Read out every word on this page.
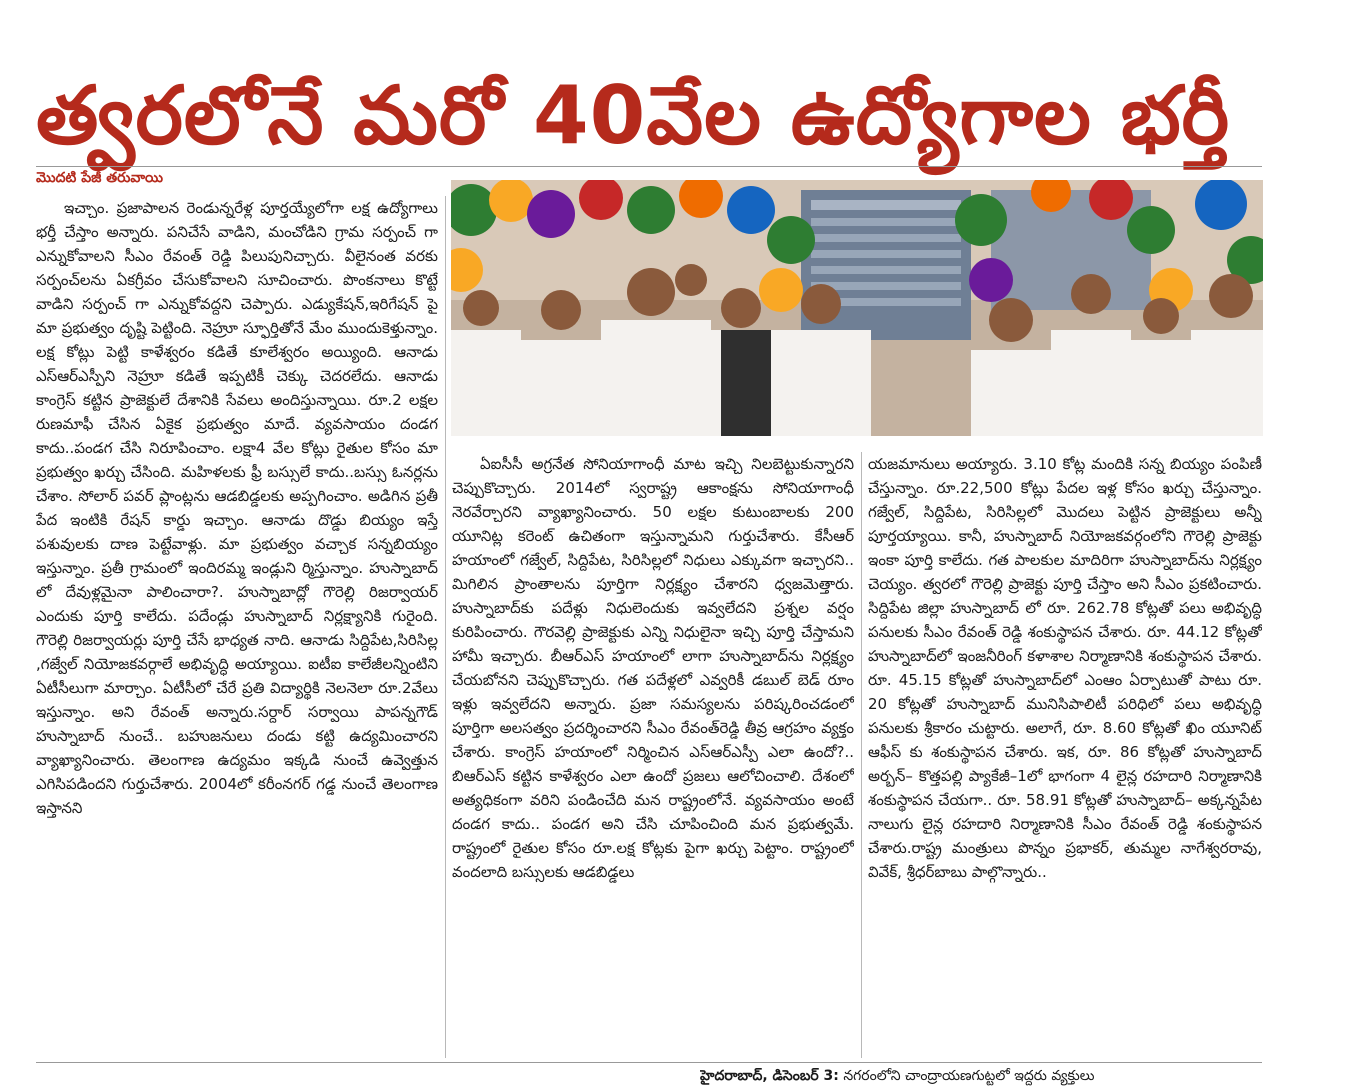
త్వరలోనే మరో 40వేల ఉద్యోగాల భర్తీ
మొదటి పేజీ తరువాయి

ఇచ్చాం. ప్రజాపాలన రెండున్నరేళ్ల పూర్తయ్యేలోగా లక్ష ఉద్యోగాలు భర్తీ చేస్తాం అన్నారు. పనిచేసే వాడిని, మంచోడిని గ్రామ సర్పంచ్ గా ఎన్నుకోవాలని సీఎం రేవంత్ రెడ్డి పిలుపునిచ్చారు. వీలైనంత వరకు సర్పంచ్‌లను ఏకగ్రీవం చేసుకోవాలని సూచించారు. పొంకనాలు కొట్టే వాడిని సర్పంచ్ గా ఎన్నుకోవద్దని చెప్పారు. ఎడ్యుకేషన్,ఇరిగేషన్ పై మా ప్రభుత్వం దృష్టి పెట్టింది. నెహ్రూ స్ఫూర్తితోనే మేం ముందుకెళ్తున్నాం. లక్ష కోట్లు పెట్టి కాళేశ్వరం కడితే కూలేశ్వరం అయ్యింది. ఆనాడు ఎస్ఆర్ఎస్పీని నెహ్రూ కడితే ఇప్పటికీ చెక్కు చెదరలేదు. ఆనాడు కాంగ్రెస్ కట్టిన ప్రాజెక్టులే దేశానికి సేవలు అందిస్తున్నాయి. రూ.2 లక్షల రుణమాఫీ చేసిన ఏకైక ప్రభుత్వం మాదే. వ్యవసాయం దండగ కాదు..పండగ చేసి నిరూపించాం. లక్షా4 వేల కోట్లు రైతుల కోసం మా ప్రభుత్వం ఖర్చు చేసింది. మహిళలకు ఫ్రీ బస్సులే కాదు..బస్సు ఓనర్లను చేశాం. సోలార్ పవర్ ప్లాంట్లను ఆడబిడ్డలకు అప్పగించాం. అడిగిన ప్రతీ పేద ఇంటికి రేషన్ కార్డు ఇచ్చాం. ఆనాడు దొడ్డు బియ్యం ఇస్తే పశువులకు దాణ పెట్టేవాళ్లు. మా ప్రభుత్వం వచ్చాక సన్నబియ్యం ఇస్తున్నాం. ప్రతీ గ్రామంలో ఇందిరమ్మ ఇండ్లుని ర్మిస్తున్నాం. హుస్నాబాద్ లో దేవుళ్లమైనా పాలించారా?. హుస్నాబాద్లో గౌరెల్లి రిజర్వాయర్ ఎందుకు పూర్తి కాలేదు. పదేండ్లు హుస్నాబాద్ నిర్లక్ష్యానికి గురైంది. గౌరెల్లి రిజర్వాయర్లు పూర్తి చేసే భాధ్యత నాది. ఆనాడు సిద్దిపేట,సిరిసిల్ల ,గజ్వేల్ నియోజకవర్గాలే అభివృద్ధి అయ్యాయి. ఐటీఐ కాలేజీలన్నింటిని ఏటీసీలుగా మార్చాం. ఏటీసీలో చేరే ప్రతి విద్యార్థికి నెలనెలా రూ.2వేలు ఇస్తున్నాం. అని రేవంత్ అన్నారు.సర్దార్ సర్వాయి పాపన్నగౌడ్ హుస్నాబాద్ నుంచే.. బహుజనులు దండు కట్టి ఉద్యమించారని వ్యాఖ్యానించారు. తెలంగాణ ఉద్యమం ఇక్కడి నుంచే ఉవ్వెత్తున ఎగిసిపడిందని గుర్తుచేశారు. 2004లో కరీంనగర్ గడ్డ నుంచే తెలంగాణ ఇస్తానని

ఏఐసీసీ అగ్రనేత సోనియాగాంధీ మాట ఇచ్చి నిలబెట్టుకున్నారని చెప్పుకొచ్చారు. 2014లో స్వరాష్ట్ర ఆకాంక్షను సోనియాగాంధీ నెరవేర్చారని వ్యాఖ్యానించారు. 50 లక్షల కుటుంబాలకు 200 యూనిట్ల కరెంట్ ఉచితంగా ఇస్తున్నామని గుర్తుచేశారు. కేసీఆర్ హయాంలో గజ్వేల్, సిద్దిపేట, సిరిసిల్లలో నిధులు ఎక్కువగా ఇచ్చారని.. మిగిలిన ప్రాంతాలను పూర్తిగా నిర్లక్ష్యం చేశారని ధ్వజమెత్తారు. హుస్నాబాద్‌కు పదేళ్లు నిధులెందుకు ఇవ్వలేదని ప్రశ్నల వర్షం కురిపించారు. గౌరవెల్లి ప్రాజెక్టుకు ఎన్ని నిధులైనా ఇచ్చి పూర్తి చేస్తామని హామీ ఇచ్చారు. బీఆర్ఎస్ హయాంలో లాగా హుస్నాబాద్‌ను నిర్లక్ష్యం చేయబోనని చెప్పుకొచ్చారు. గత పదేళ్లలో ఎవ్వరికీ డబుల్ బెడ్ రూం ఇళ్లు ఇవ్వలేదని అన్నారు. ప్రజా సమస్యలను పరిష్కరించడంలో పూర్తిగా అలసత్వం ప్రదర్శించారని సీఎం రేవంత్‌రెడ్డి తీవ్ర ఆగ్రహం వ్యక్తం చేశారు. కాంగ్రెస్ హయాంలో నిర్మించిన ఎస్ఆర్ఎస్పీ ఎలా ఉందో?.. బిఆర్ఎస్ కట్టిన కాళేశ్వరం ఎలా ఉందో ప్రజలు ఆలోచించాలి. దేశంలో అత్యధికంగా వరిని పండించేది మన రాష్ట్రంలోనే. వ్యవసాయం అంటే దండగ కాదు.. పండగ అని చేసి చూపించింది మన ప్రభుత్వమే. రాష్ట్రంలో రైతుల కోసం రూ.లక్ష కోట్లకు పైగా ఖర్చు పెట్టాం. రాష్ట్రంలో వందలాది బస్సులకు ఆడబిడ్డలు

యజమానులు అయ్యారు. 3.10 కోట్ల మందికి సన్న బియ్యం పంపిణీ చేస్తున్నాం. రూ.22,500 కోట్లు పేదల ఇళ్ల కోసం ఖర్చు చేస్తున్నాం. గజ్వేల్, సిద్దిపేట, సిరిసిల్లలో మొదలు పెట్టిన ప్రాజెక్టులు అన్నీ పూర్తయ్యాయి. కానీ, హుస్నాబాద్ నియోజకవర్గంలోని గౌరెల్లి ప్రాజెక్టు ఇంకా పూర్తి కాలేదు. గత పాలకుల మాదిరిగా హుస్నాబాద్‌ను నిర్లక్ష్యం చెయ్యం. త్వరలో గౌరెల్లి ప్రాజెక్టు పూర్తి చేస్తాం అని సీఎం ప్రకటించారు. సిద్దిపేట జిల్లా హుస్నాబాద్ లో రూ. 262.78 కోట్లతో పలు అభివృద్ధి పనులకు సీఎం రేవంత్ రెడ్డి శంకుస్థాపన చేశారు. రూ. 44.12 కోట్లతో హుస్నాబాద్‌లో ఇంజనీరింగ్ కళాశాల నిర్మాణానికి శంకుస్థాపన చేశారు. రూ. 45.15 కోట్లతో హుస్నాబాద్‌లో ఎంఆం ఏర్పాటుతో పాటు రూ. 20 కోట్లతో హుస్నాబాద్ మునిసిపాలిటీ పరిధిలో పలు అభివృద్ధి పనులకు శ్రీకారం చుట్టారు. అలాగే, రూ. 8.60 కోట్లతో ఖిం యూనిట్ ఆఫీస్ కు శంకుస్థాపన చేశారు. ఇక, రూ. 86 కోట్లతో హుస్నాబాద్ అర్బన్– కొత్తపల్లి ప్యాకేజీ–1లో భాగంగా 4 లైన్ల రహదారి నిర్మాణానికి శంకుస్థాపన చేయగా.. రూ. 58.91 కోట్లతో హుస్నాబాద్– అక్కన్నపేట నాలుగు లైన్ల రహదారి నిర్మాణానికి సీఎం రేవంత్ రెడ్డి శంకుస్థాపన చేశారు.రాష్ట్ర మంత్రులు పొన్నం ప్రభాకర్, తుమ్మల నాగేశ్వరరావు, వివేక్, శ్రీధర్‌బాబు పాల్గొన్నారు..

హైదరాబాద్, డిసెంబర్ 3: నగరంలోని చాంద్రాయణగుట్టలో ఇద్దరు వ్యక్తులు
